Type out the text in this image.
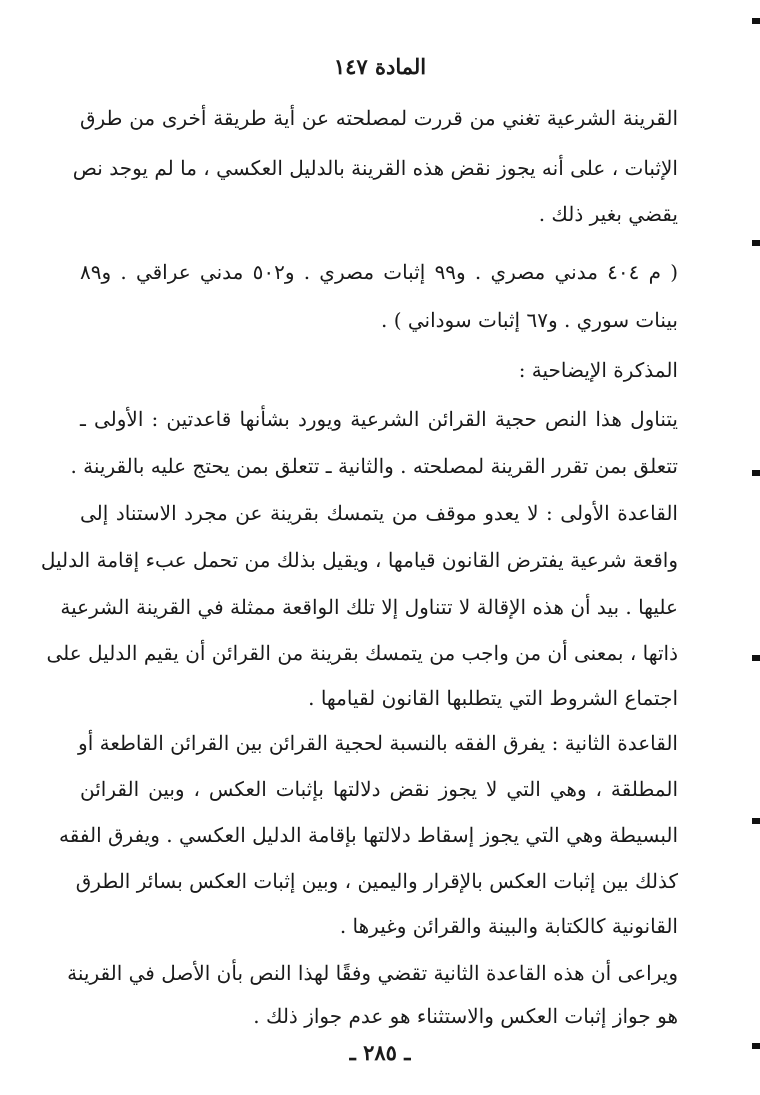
المادة ١٤٧
القرينة الشرعية تغني من قررت لمصلحته عن أية طريقة أخرى من طرق
الإثبات ، على أنه يجوز نقض هذه القرينة بالدليل العكسي ، ما لم يوجد نص
يقضي بغير ذلك .
( م ٤٠٤ مدني مصري . و٩٩ إثبات مصري . و٥٠٢ مدني عراقي . و٨٩
بينات سوري . و٦٧ إثبات سوداني ) .
المذكرة الإيضاحية :
يتناول هذا النص حجية القرائن الشرعية ويورد بشأنها قاعدتين : الأولى ـ
تتعلق بمن تقرر القرينة لمصلحته . والثانية ـ تتعلق بمن يحتج عليه بالقرينة .
القاعدة الأولى : لا يعدو موقف من يتمسك بقرينة عن مجرد الاستناد إلى
واقعة شرعية يفترض القانون قيامها ، ويقيل بذلك من تحمل عبء إقامة الدليل
عليها . بيد أن هذه الإقالة لا تتناول إلا تلك الواقعة ممثلة في القرينة الشرعية
ذاتها ، بمعنى أن من واجب من يتمسك بقرينة من القرائن أن يقيم الدليل على
اجتماع الشروط التي يتطلبها القانون لقيامها .
القاعدة الثانية : يفرق الفقه بالنسبة لحجية القرائن بين القرائن القاطعة أو
المطلقة ، وهي التي لا يجوز نقض دلالتها بإثبات العكس ، وبين القرائن
البسيطة وهي التي يجوز إسقاط دلالتها بإقامة الدليل العكسي . ويفرق الفقه
كذلك بين إثبات العكس بالإقرار واليمين ، وبين إثبات العكس بسائر الطرق
القانونية كالكتابة والبينة والقرائن وغيرها .
ويراعى أن هذه القاعدة الثانية تقضي وفقًا لهذا النص بأن الأصل في القرينة
هو جواز إثبات العكس والاستثناء هو عدم جواز ذلك .
ـ ٢٨٥ ـ
